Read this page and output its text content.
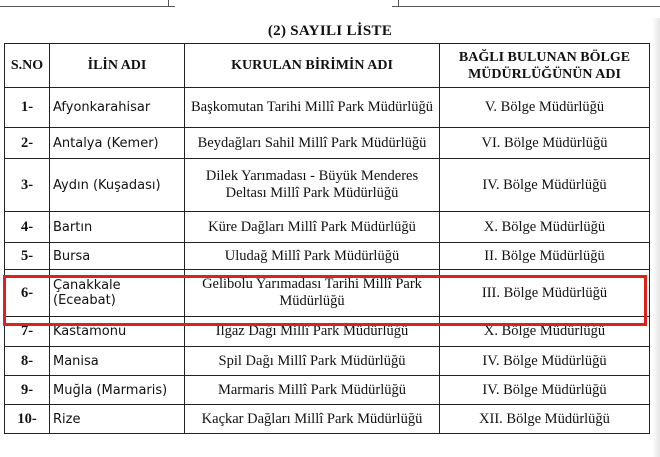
(2) SAYILI LİSTE
S.NO	İLİN ADI	KURULAN BİRİMİN ADI	BAĞLI BULUNAN BÖLGE MÜDÜRLÜĞÜNÜN ADI
1-	Afyonkarahisar	Başkomutan Tarihi Millî Park Müdürlüğü	V. Bölge Müdürlüğü
2-	Antalya (Kemer)	Beydağları Sahil Millî Park Müdürlüğü	VI. Bölge Müdürlüğü
3-	Aydın (Kuşadası)	Dilek Yarımadası - Büyük Menderes Deltası Millî Park Müdürlüğü	IV. Bölge Müdürlüğü
4-	Bartın	Küre Dağları Millî Park Müdürlüğü	X. Bölge Müdürlüğü
5-	Bursa	Uludağ Millî Park Müdürlüğü	II. Bölge Müdürlüğü
6-	Çanakkale (Eceabat)	Gelibolu Yarımadası Tarihi Millî Park Müdürlüğü	III. Bölge Müdürlüğü
7-	Kastamonu	Ilgaz Dağı Millî Park Müdürlüğü	X. Bölge Müdürlüğü
8-	Manisa	Spil Dağı Millî Park Müdürlüğü	IV. Bölge Müdürlüğü
9-	Muğla (Marmaris)	Marmaris Millî Park Müdürlüğü	IV. Bölge Müdürlüğü
10-	Rize	Kaçkar Dağları Millî Park Müdürlüğü	XII. Bölge Müdürlüğü
